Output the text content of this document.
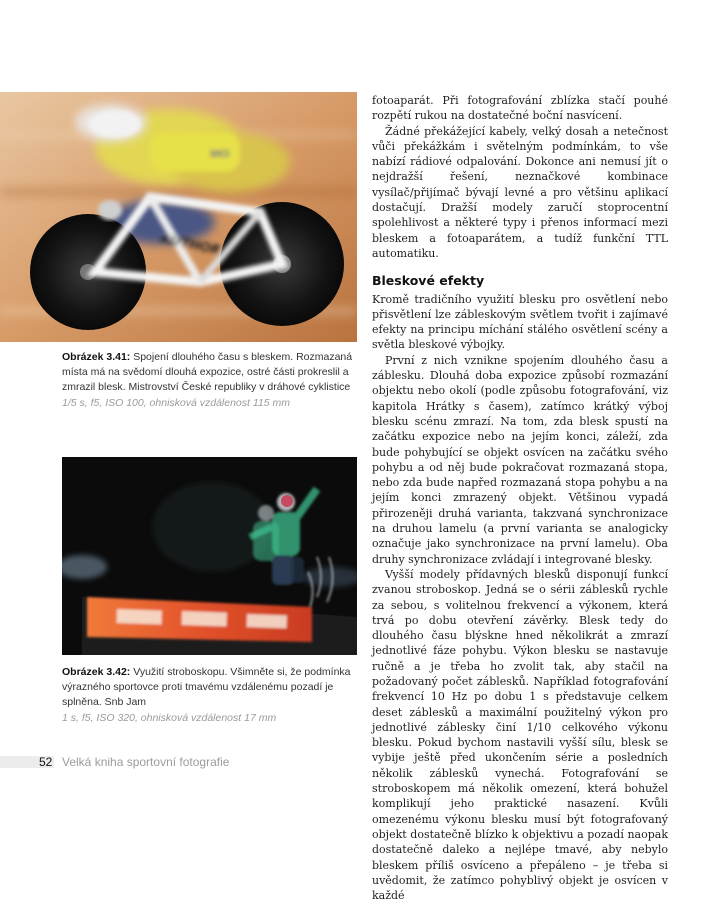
UCI
AUTHOR
Obrázek 3.41: Spojení dlouhého času s bleskem. Rozmazaná místa má na svědomí dlouhá expozice, ostré části prokreslil a zmrazil blesk. Mistrovství České republiky v dráhové cyklistice
1/5 s, f5, ISO 100, ohnisková vzdálenost 115 mm
Obrázek 3.42: Využití stroboskopu. Všimněte si, že podmínka výrazného sportovce proti tmavému vzdálenému pozadí je splněna. Snb Jam
1 s, f5, ISO 320, ohnisková vzdálenost 17 mm

fotoaparát. Při fotografování zblízka stačí pouhé rozpětí rukou na dostatečné boční nasvícení.

Žádné překážející kabely, velký dosah a netečnost vůči překážkám i světelným podmínkám, to vše nabízí rádiové odpalování. Dokonce ani nemusí jít o nejdražší řešení, neznačkové kombinace vysílač/přijímač bývají levné a pro většinu aplikací dostačují. Dražší modely zaručí stoprocentní spolehlivost a některé typy i přenos informací mezi bleskem a fotoaparátem, a tudíž funkční TTL automatiku.

Bleskové efekty

Kromě tradičního využití blesku pro osvětlení nebo přisvětlení lze zábleskovým světlem tvořit i zajímavé efekty na principu míchání stálého osvětlení scény a světla bleskové výbojky.

První z nich vznikne spojením dlouhého času a záblesku. Dlouhá doba expozice způsobí rozmazání objektu nebo okolí (podle způsobu fotografování, viz kapitola Hrátky s časem), zatímco krátký výboj blesku scénu zmrazí. Na tom, zda blesk spustí na začátku expozice nebo na jejím konci, záleží, zda bude pohybující se objekt osvícen na začátku svého pohybu a od něj bude pokračovat rozmazaná stopa, nebo zda bude napřed rozmazaná stopa pohybu a na jejím konci zmrazený objekt. Většinou vypadá přirozeněji druhá varianta, takzvaná synchronizace na druhou lamelu (a první varianta se analogicky označuje jako synchronizace na první lamelu). Oba druhy synchronizace zvládají i integrované blesky.

Vyšší modely přídavných blesků disponují funkcí zvanou stroboskop. Jedná se o sérii záblesků rychle za sebou, s volitelnou frekvencí a výkonem, která trvá po dobu otevření závěrky. Blesk tedy do dlouhého času blýskne hned několikrát a zmrazí jednotlivé fáze pohybu. Výkon blesku se nastavuje ručně a je třeba ho zvolit tak, aby stačil na požadovaný počet záblesků. Například fotografování frekvencí 10 Hz po dobu 1 s představuje celkem deset záblesků a maximální použitelný výkon pro jednotlivé záblesky činí 1/10 celkového výkonu blesku. Pokud bychom nastavili vyšší sílu, blesk se vybije ještě před ukončením série a posledních několik záblesků vynechá. Fotografování se stroboskopem má několik omezení, která bohužel komplikují jeho praktické nasazení. Kvůli omezenému výkonu blesku musí být fotografovaný objekt dostatečně blízko k objektivu a pozadí naopak dostatečně daleko a nejlépe tmavé, aby nebylo bleskem příliš osvíceno a přepáleno – je třeba si uvědomit, že zatímco pohyblivý objekt je osvícen v každé

52 Velká kniha sportovní fotografie
